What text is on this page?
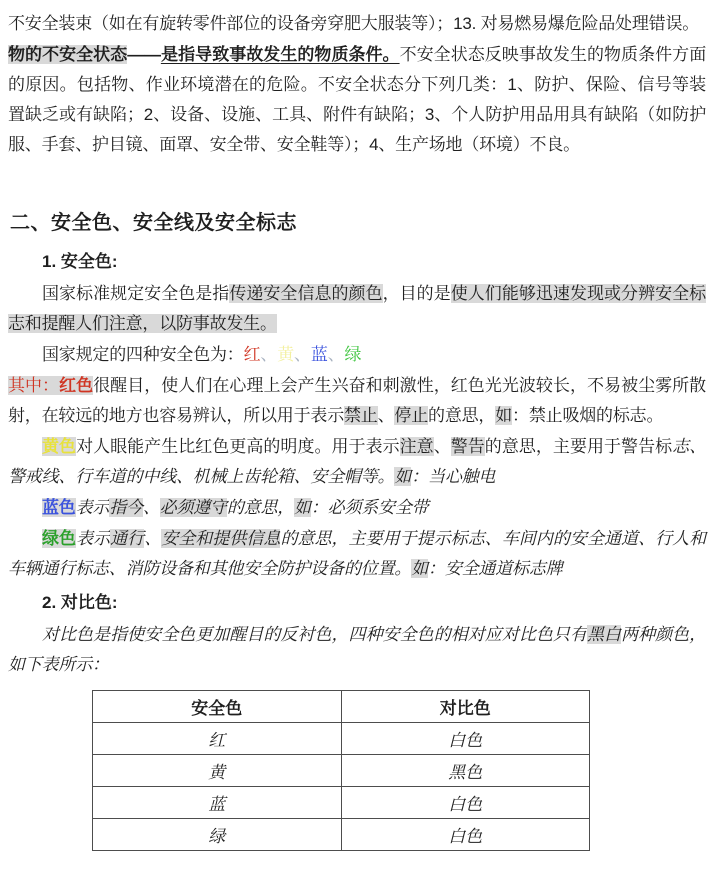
不安全装束（如在有旋转零件部位的设备旁穿肥大服装等）；13. 对易燃易爆危险品处理错误。

物的不安全状态——是指导致事故发生的物质条件。不安全状态反映事故发生的物质条件方面的原因。包括物、作业环境潜在的危险。不安全状态分下列几类：1、防护、保险、信号等装置缺乏或有缺陷；2、设备、设施、工具、附件有缺陷；3、个人防护用品用具有缺陷（如防护服、手套、护目镜、面罩、安全带、安全鞋等）；4、生产场地（环境）不良。

二、安全色、安全线及安全标志
1. 安全色:

国家标准规定安全色是指传递安全信息的颜色，目的是使人们能够迅速发现或分辨安全标志和提醒人们注意，以防事故发生。

国家规定的四种安全色为：红、黄、蓝、绿

其中：红色很醒目，使人们在心理上会产生兴奋和刺激性，红色光光波较长，不易被尘雾所散射，在较远的地方也容易辨认，所以用于表示禁止、停止的意思，如：禁止吸烟的标志。

黄色对人眼能产生比红色更高的明度。用于表示注意、警告的意思，主要用于警告标志、警戒线、行车道的中线、机械上齿轮箱、安全帽等。如：当心触电

蓝色表示指今、必须遵守的意思，如：必须系安全带

绿色表示通行、安全和提供信息的意思，主要用于提示标志、车间内的安全通道、行人和车辆通行标志、消防设备和其他安全防护设备的位置。如：安全通道标志牌

2. 对比色:

对比色是指使安全色更加醒目的反衬色，四种安全色的相对应对比色只有黑白两种颜色，如下表所示：

安全色	对比色
红	白色
黄	黑色
蓝	白色
绿	白色
